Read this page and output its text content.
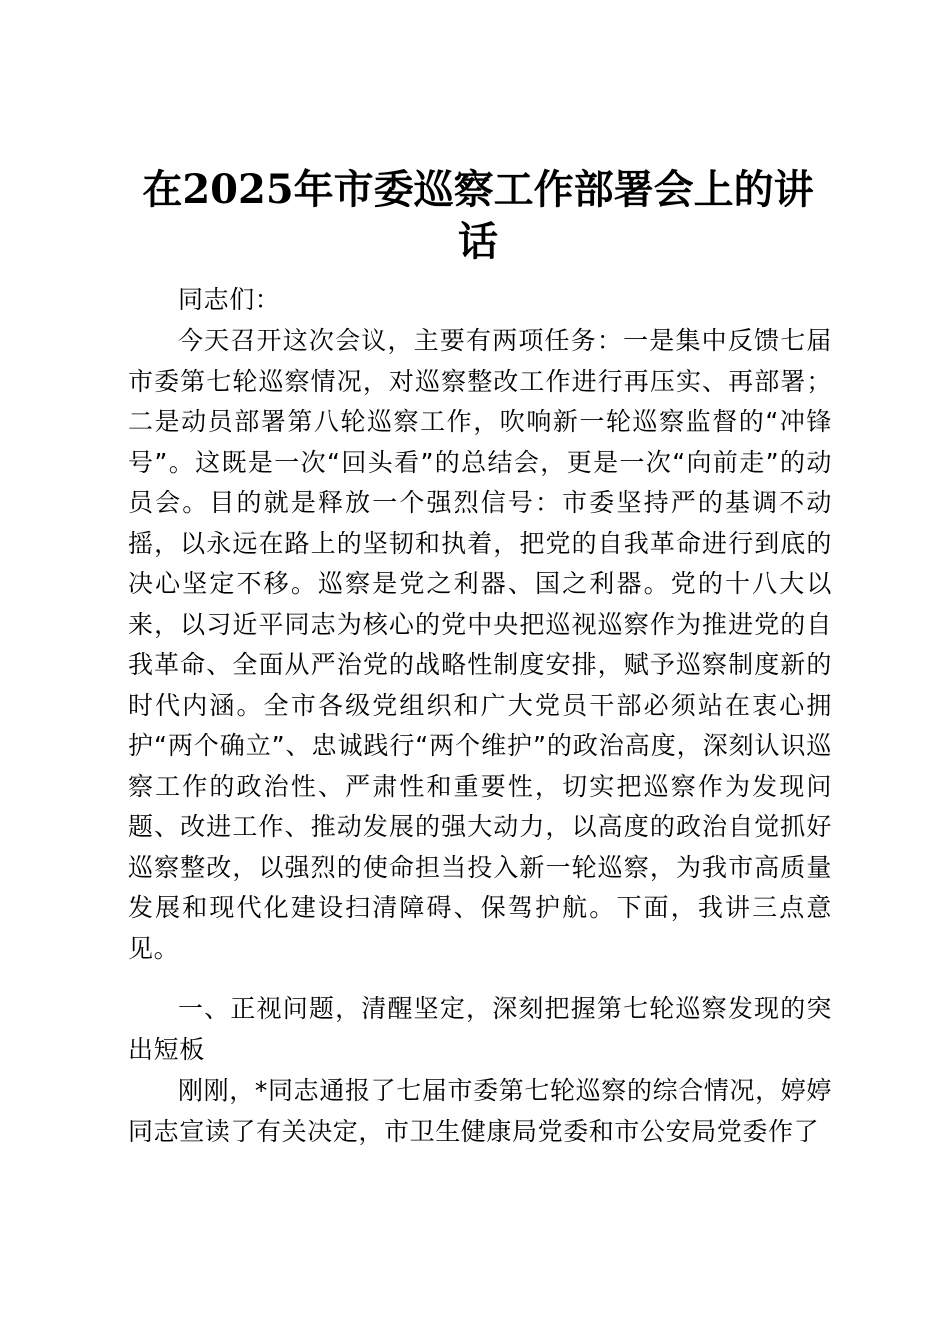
在2025年市委巡察工作部署会上的讲话

同志们：

今天召开这次会议，主要有两项任务：一是集中反馈七届市委第七轮巡察情况，对巡察整改工作进行再压实、再部署；二是动员部署第八轮巡察工作，吹响新一轮巡察监督的“冲锋号”。这既是一次“回头看”的总结会，更是一次“向前走”的动员会。目的就是释放一个强烈信号：市委坚持严的基调不动摇，以永远在路上的坚韧和执着，把党的自我革命进行到底的决心坚定不移。巡察是党之利器、国之利器。党的十八大以来，以习近平同志为核心的党中央把巡视巡察作为推进党的自我革命、全面从严治党的战略性制度安排，赋予巡察制度新的时代内涵。全市各级党组织和广大党员干部必须站在衷心拥护“两个确立”、忠诚践行“两个维护”的政治高度，深刻认识巡察工作的政治性、严肃性和重要性，切实把巡察作为发现问题、改进工作、推动发展的强大动力，以高度的政治自觉抓好巡察整改，以强烈的使命担当投入新一轮巡察，为我市高质量发展和现代化建设扫清障碍、保驾护航。下面，我讲三点意见。

一、正视问题，清醒坚定，深刻把握第七轮巡察发现的突出短板

刚刚，*同志通报了七届市委第七轮巡察的综合情况，婷婷同志宣读了有关决定，市卫生健康局党委和市公安局党委作了
